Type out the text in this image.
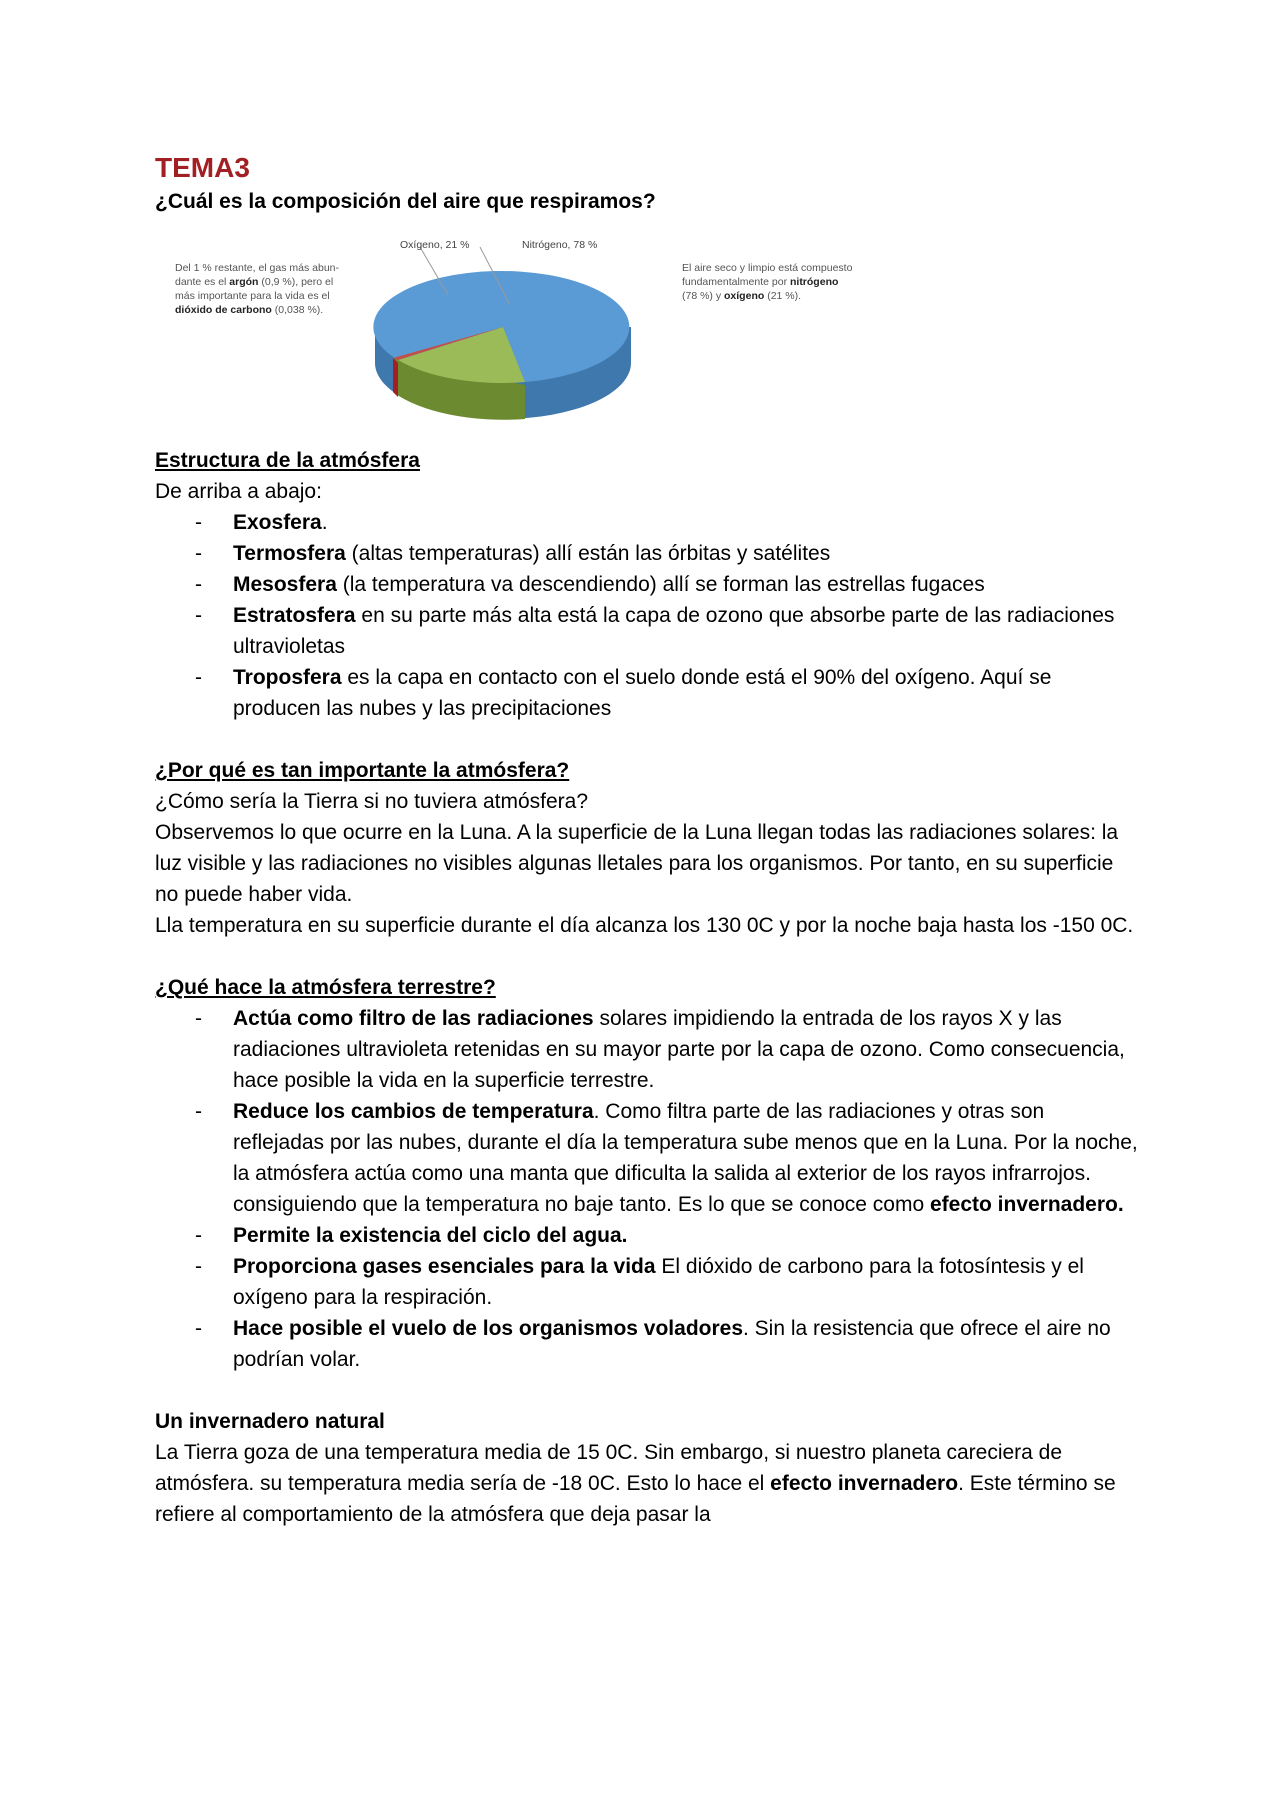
TEMA3

¿Cuál es la composición del aire que respiramos?

Del 1 % restante, el gas más abun-
dante es el argón (0,9 %), pero el
más importante para la vida es el
dióxido de carbono (0,038 %).
Oxígeno, 21 %	Nitrógeno, 78 %
El aire seco y limpio está compuesto
fundamentalmente por nitrógeno
(78 %) y oxígeno (21 %).

Estructura de la atmósfera

De arriba a abajo:

- Exosfera.
- Termosfera (altas temperaturas) allí están las órbitas y satélites
- Mesosfera (la temperatura va descendiendo) allí se forman las estrellas fugaces
- Estratosfera en su parte más alta está la capa de ozono que absorbe parte de las radiaciones ultravioletas
- Troposfera es la capa en contacto con el suelo donde está el 90% del oxígeno. Aquí se producen las nubes y las precipitaciones

¿Por qué es tan importante la atmósfera?

¿Cómo sería la Tierra si no tuviera atmósfera?

Observemos lo que ocurre en la Luna. A la superficie de la Luna llegan todas las radiaciones solares: la luz visible y las radiaciones no visibles algunas lletales para los organismos. Por tanto, en su superficie no puede haber vida.

Lla temperatura en su superficie durante el día alcanza los 130 0C y por la noche baja hasta los -150 0C.

¿Qué hace la atmósfera terrestre?

- Actúa como filtro de las radiaciones solares impidiendo la entrada de los rayos X y las radiaciones ultravioleta retenidas en su mayor parte por la capa de ozono. Como consecuencia, hace posible la vida en la superficie terrestre.
- Reduce los cambios de temperatura. Como filtra parte de las radiaciones y otras son reflejadas por las nubes, durante el día la temperatura sube menos que en la Luna. Por la noche, la atmósfera actúa como una manta que dificulta la salida al exterior de los rayos infrarrojos. consiguiendo que la temperatura no baje tanto. Es lo que se conoce como efecto invernadero.
- Permite la existencia del ciclo del agua.
- Proporciona gases esenciales para la vida El dióxido de carbono para la fotosíntesis y el oxígeno para la respiración.
- Hace posible el vuelo de los organismos voladores. Sin la resistencia que ofrece el aire no podrían volar.

Un invernadero natural

La Tierra goza de una temperatura media de 15 0C. Sin embargo, si nuestro planeta careciera de atmósfera. su temperatura media sería de -18 0C. Esto lo hace el efecto invernadero. Este término se refiere al comportamiento de la atmósfera que deja pasar la
